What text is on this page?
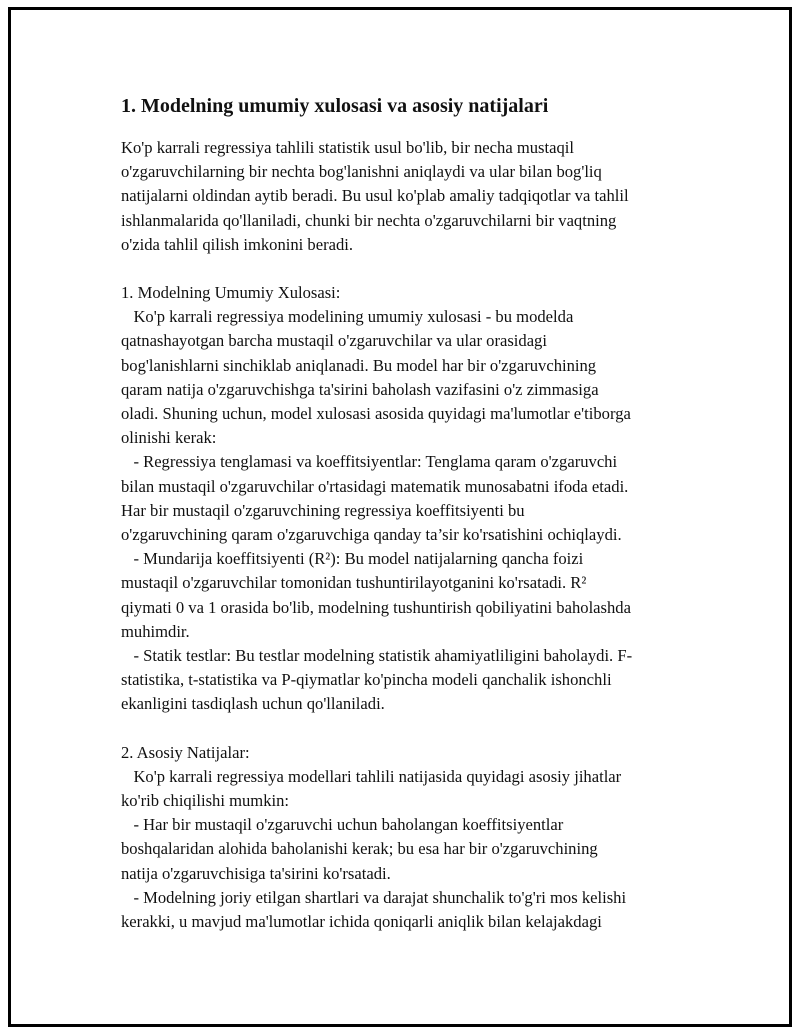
1. Modelning umumiy xulosasi va asosiy natijalari

Ko'p karrali regressiya tahlili statistik usul bo'lib, bir necha mustaqil
o'zgaruvchilarning bir nechta bog'lanishni aniqlaydi va ular bilan bog'liq
natijalarni oldindan aytib beradi. Bu usul ko'plab amaliy tadqiqotlar va tahlil
ishlanmalarida qo'llaniladi, chunki bir nechta o'zgaruvchilarni bir vaqtning
o'zida tahlil qilish imkonini beradi.

1. Modelning Umumiy Xulosasi:
Ko'p karrali regressiya modelining umumiy xulosasi - bu modelda
qatnashayotgan barcha mustaqil o'zgaruvchilar va ular orasidagi
bog'lanishlarni sinchiklab aniqlanadi. Bu model har bir o'zgaruvchining
qaram natija o'zgaruvchishga ta'sirini baholash vazifasini o'z zimmasiga
oladi. Shuning uchun, model xulosasi asosida quyidagi ma'lumotlar e'tiborga
olinishi kerak:
- Regressiya tenglamasi va koeffitsiyentlar: Tenglama qaram o'zgaruvchi
bilan mustaqil o'zgaruvchilar o'rtasidagi matematik munosabatni ifoda etadi.
Har bir mustaqil o'zgaruvchining regressiya koeffitsiyenti bu
o'zgaruvchining qaram o'zgaruvchiga qanday ta’sir ko'rsatishini ochiqlaydi.
- Mundarija koeffitsiyenti (R²): Bu model natijalarning qancha foizi
mustaqil o'zgaruvchilar tomonidan tushuntirilayotganini ko'rsatadi. R²
qiymati 0 va 1 orasida bo'lib, modelning tushuntirish qobiliyatini baholashda
muhimdir.
- Statik testlar: Bu testlar modelning statistik ahamiyatliligini baholaydi. F-
statistika, t-statistika va P-qiymatlar ko'pincha modeli qanchalik ishonchli
ekanligini tasdiqlash uchun qo'llaniladi.

2. Asosiy Natijalar:
Ko'p karrali regressiya modellari tahlili natijasida quyidagi asosiy jihatlar
ko'rib chiqilishi mumkin:
- Har bir mustaqil o'zgaruvchi uchun baholangan koeffitsiyentlar
boshqalaridan alohida baholanishi kerak; bu esa har bir o'zgaruvchining
natija o'zgaruvchisiga ta'sirini ko'rsatadi.
- Modelning joriy etilgan shartlari va darajat shunchalik to'g'ri mos kelishi
kerakki, u mavjud ma'lumotlar ichida qoniqarli aniqlik bilan kelajakdagi
